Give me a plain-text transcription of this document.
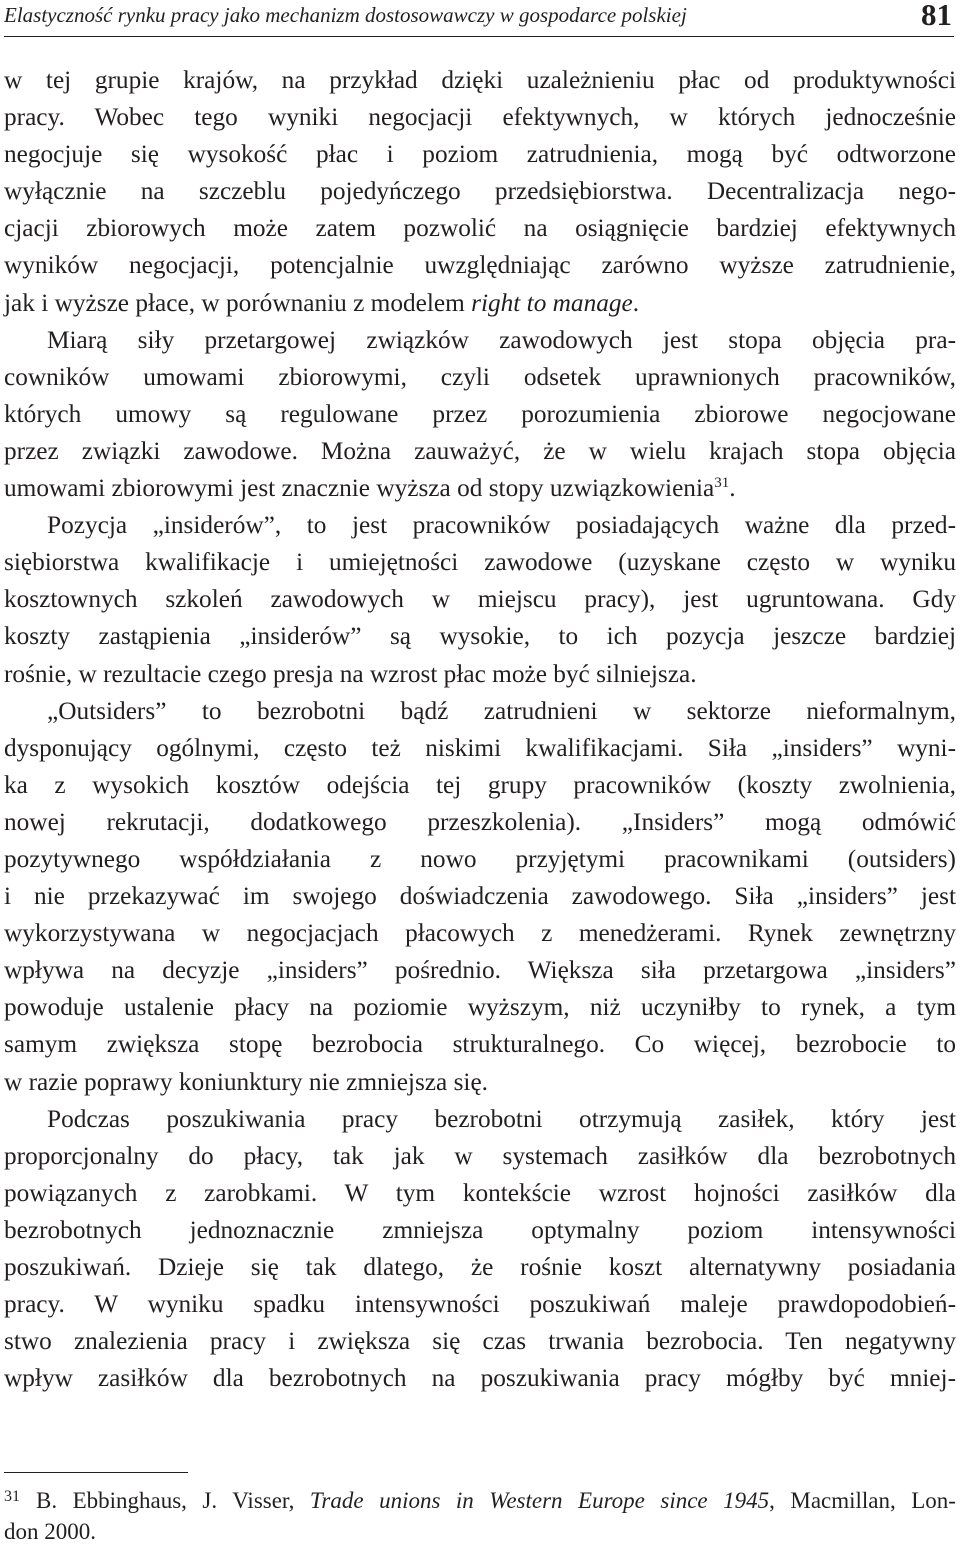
Elastyczność rynku pracy jako mechanizm dostosowawczy w gospodarce polskiej	81

w tej grupie krajów, na przykład dzięki uzależnieniu płac od produktywności
pracy. Wobec tego wyniki negocjacji efektywnych, w których jednocześnie
negocjuje się wysokość płac i poziom zatrudnienia, mogą być odtworzone
wyłącznie na szczeblu pojedyńczego przedsiębiorstwa. Decentralizacja nego-
cjacji zbiorowych może zatem pozwolić na osiągnięcie bardziej efektywnych
wyników negocjacji, potencjalnie uwzględniając zarówno wyższe zatrudnienie,
jak i wyższe płace, w porównaniu z modelem right to manage.

Miarą siły przetargowej związków zawodowych jest stopa objęcia pra-
cowników umowami zbiorowymi, czyli odsetek uprawnionych pracowników,
których umowy są regulowane przez porozumienia zbiorowe negocjowane
przez związki zawodowe. Można zauważyć, że w wielu krajach stopa objęcia
umowami zbiorowymi jest znacznie wyższa od stopy uzwiązkowienia$^{31}$.

Pozycja „insiderów”, to jest pracowników posiadających ważne dla przed-
siębiorstwa kwalifikacje i umiejętności zawodowe (uzyskane często w wyniku
kosztownych szkoleń zawodowych w miejscu pracy), jest ugruntowana. Gdy
koszty zastąpienia „insiderów” są wysokie, to ich pozycja jeszcze bardziej
rośnie, w rezultacie czego presja na wzrost płac może być silniejsza.

„Outsiders” to bezrobotni bądź zatrudnieni w sektorze nieformalnym,
dysponujący ogólnymi, często też niskimi kwalifikacjami. Siła „insiders” wyni-
ka z wysokich kosztów odejścia tej grupy pracowników (koszty zwolnienia,
nowej rekrutacji, dodatkowego przeszkolenia). „Insiders” mogą odmówić
pozytywnego współdziałania z nowo przyjętymi pracownikami (outsiders)
i nie przekazywać im swojego doświadczenia zawodowego. Siła „insiders” jest
wykorzystywana w negocjacjach płacowych z menedżerami. Rynek zewnętrzny
wpływa na decyzje „insiders” pośrednio. Większa siła przetargowa „insiders”
powoduje ustalenie płacy na poziomie wyższym, niż uczyniłby to rynek, a tym
samym zwiększa stopę bezrobocia strukturalnego. Co więcej, bezrobocie to
w razie poprawy koniunktury nie zmniejsza się.

Podczas poszukiwania pracy bezrobotni otrzymują zasiłek, który jest
proporcjonalny do płacy, tak jak w systemach zasiłków dla bezrobotnych
powiązanych z zarobkami. W tym kontekście wzrost hojności zasiłków dla
bezrobotnych jednoznacznie zmniejsza optymalny poziom intensywności
poszukiwań. Dzieje się tak dlatego, że rośnie koszt alternatywny posiadania
pracy. W wyniku spadku intensywności poszukiwań maleje prawdopodobień-
stwo znalezienia pracy i zwiększa się czas trwania bezrobocia. Ten negatywny
wpływ zasiłków dla bezrobotnych na poszukiwania pracy mógłby być mniej-

31 B. Ebbinghaus, J. Visser, Trade unions in Western Europe since 1945, Macmillan, Lon-
don 2000.
